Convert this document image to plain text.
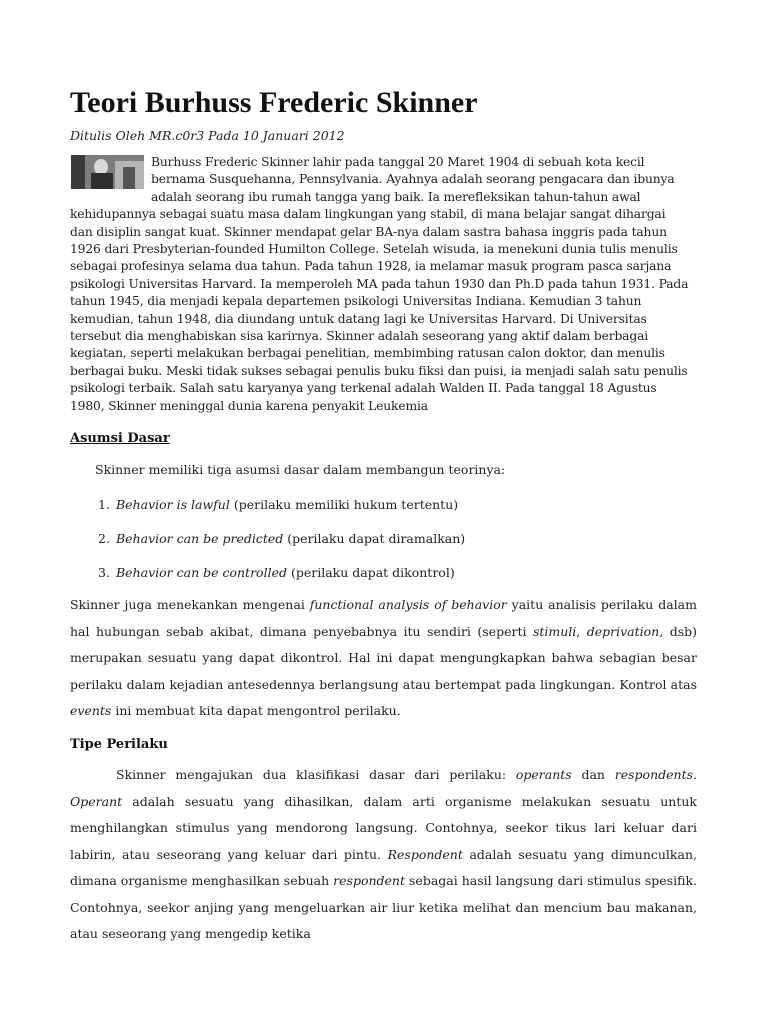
Teori Burhuss Frederic Skinner
Ditulis Oleh MR.c0r3 Pada 10 Januari 2012

Burhuss Frederic Skinner lahir pada tanggal 20 Maret 1904 di sebuah kota kecil bernama Susquehanna, Pennsylvania. Ayahnya adalah seorang pengacara dan ibunya adalah seorang ibu rumah tangga yang baik. Ia merefleksikan tahun-tahun awal kehidupannya sebagai suatu masa dalam lingkungan yang stabil, di mana belajar sangat dihargai dan disiplin sangat kuat. Skinner mendapat gelar BA-nya dalam sastra bahasa inggris pada tahun 1926 dari Presbyterian-founded Humilton College. Setelah wisuda, ia menekuni dunia tulis menulis sebagai profesinya selama dua tahun. Pada tahun 1928, ia melamar masuk program pasca sarjana psikologi Universitas Harvard. Ia memperoleh MA pada tahun 1930 dan Ph.D pada tahun 1931. Pada tahun 1945, dia menjadi kepala departemen psikologi Universitas Indiana. Kemudian 3 tahun kemudian, tahun 1948, dia diundang untuk datang lagi ke Universitas Harvard. Di Universitas tersebut dia menghabiskan sisa karirnya. Skinner adalah seseorang yang aktif dalam berbagai kegiatan, seperti melakukan berbagai penelitian, membimbing ratusan calon doktor, dan menulis berbagai buku. Meski tidak sukses sebagai penulis buku fiksi dan puisi, ia menjadi salah satu penulis psikologi terbaik. Salah satu karyanya yang terkenal adalah Walden II. Pada tanggal 18 Agustus 1980, Skinner meninggal dunia karena penyakit Leukemia

Asumsi Dasar
Skinner memiliki tiga asumsi dasar dalam membangun teorinya:
1. Behavior is lawful (perilaku memiliki hukum tertentu)
2. Behavior can be predicted (perilaku dapat diramalkan)
3. Behavior can be controlled (perilaku dapat dikontrol)

Skinner juga menekankan mengenai functional analysis of behavior yaitu analisis perilaku dalam hal hubungan sebab akibat, dimana penyebabnya itu sendiri (seperti stimuli, deprivation, dsb) merupakan sesuatu yang dapat dikontrol. Hal ini dapat mengungkapkan bahwa sebagian besar perilaku dalam kejadian antesedennya berlangsung atau bertempat pada lingkungan. Kontrol atas events ini membuat kita dapat mengontrol perilaku.

Tipe Perilaku

Skinner mengajukan dua klasifikasi dasar dari perilaku: operants dan respondents. Operant adalah sesuatu yang dihasilkan, dalam arti organisme melakukan sesuatu untuk menghilangkan stimulus yang mendorong langsung. Contohnya, seekor tikus lari keluar dari labirin, atau seseorang yang keluar dari pintu. Respondent adalah sesuatu yang dimunculkan, dimana organisme menghasilkan sebuah respondent sebagai hasil langsung dari stimulus spesifik. Contohnya, seekor anjing yang mengeluarkan air liur ketika melihat dan mencium bau makanan, atau seseorang yang mengedip ketika
